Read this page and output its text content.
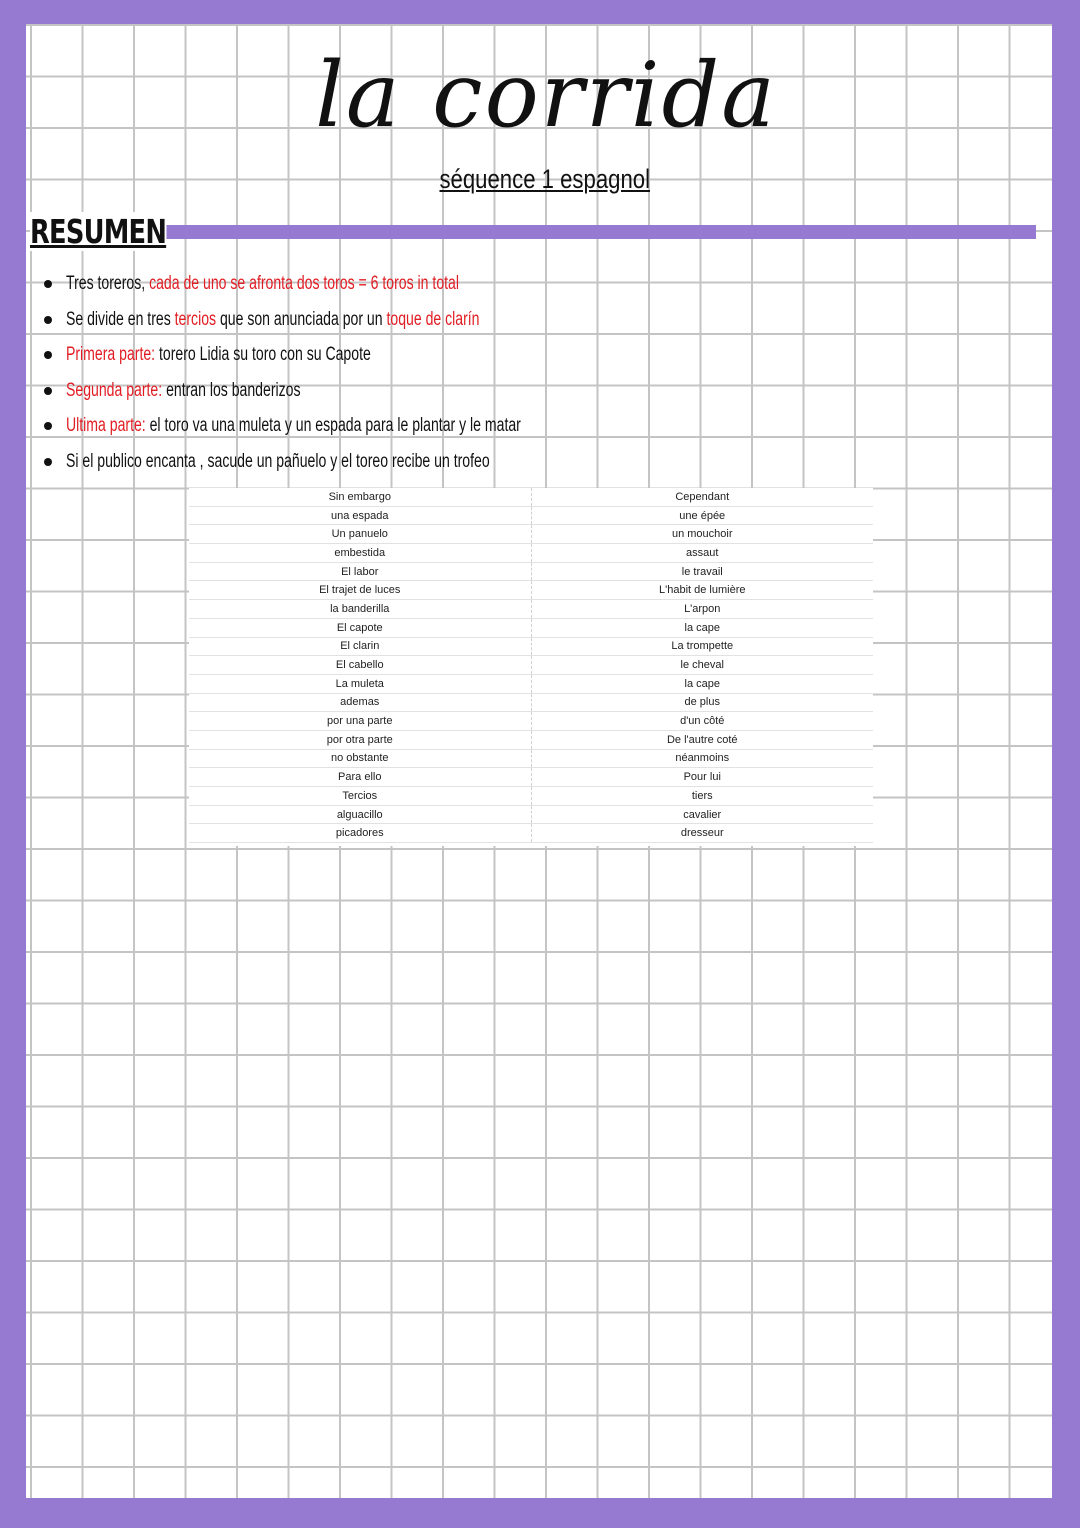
la corrida
séquence 1 espagnol
RESUMEN
Tres toreros, cada de uno se afronta dos toros = 6 toros in total
Se divide en tres tercios que son anunciada por un toque de clarín
Primera parte: torero Lidia su toro con su Capote
Segunda parte: entran los banderizos
Ultima parte: el toro va una muleta y un espada para le plantar y le matar
Si el publico encanta , sacude un pañuelo y el toreo recibe un trofeo
Sin embargo	Cependant
una espada	une épée
Un panuelo	un mouchoir
embestida	assaut
El labor	le travail
El trajet de luces	L'habit de lumière
la banderilla	L'arpon
El capote	la cape
El clarin	La trompette
El cabello	le cheval
La muleta	la cape
ademas	de plus
por una parte	d'un côté
por otra parte	De l'autre coté
no obstante	néanmoins
Para ello	Pour lui
Tercios	tiers
alguacillo	cavalier
picadores	dresseur
